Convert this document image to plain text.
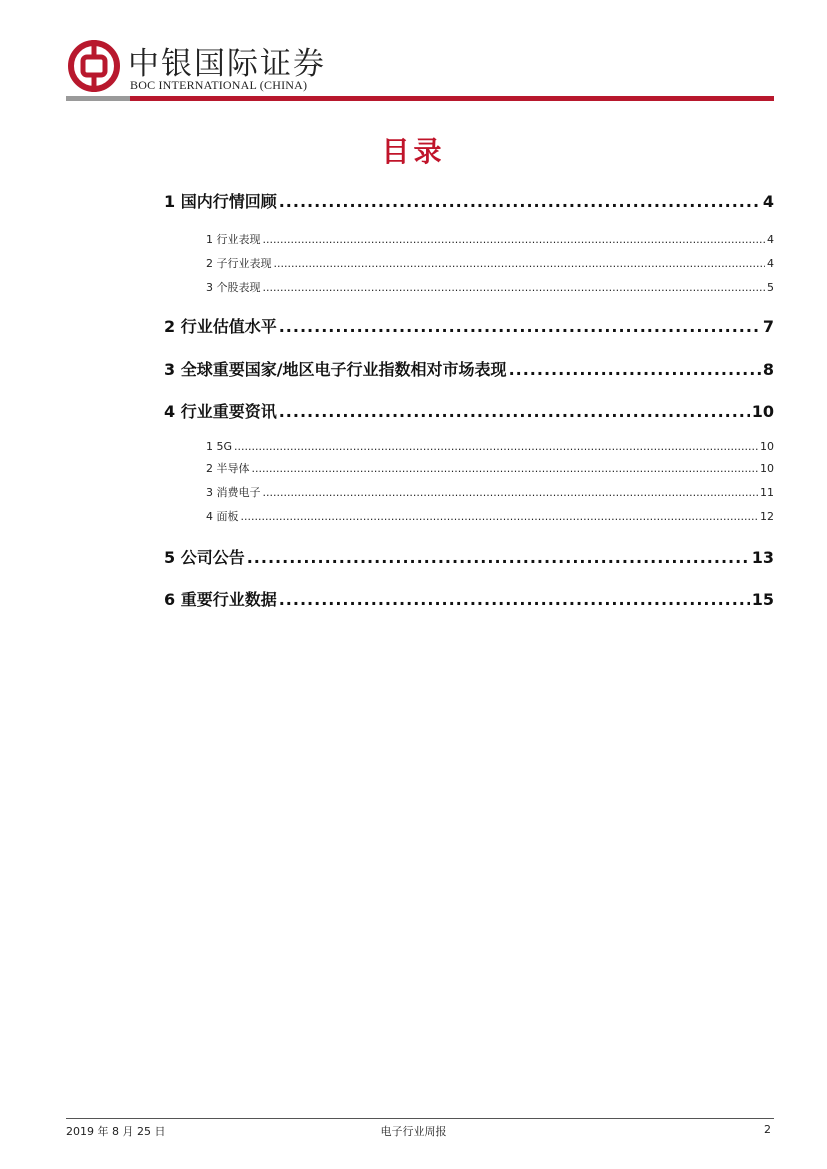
中银国际证券
BOC INTERNATIONAL (CHINA)
目录
1 国内行情回顾 .....	4
1 行业表现 .....	4
2 子行业表现 .....	4
3 个股表现 .....	5
2 行业估值水平 .....	7
3 全球重要国家/地区电子行业指数相对市场表现 .....	8
4 行业重要资讯 .....	10
1 5G .....	10
2 半导体 .....	10
3 消费电子 .....	11
4 面板 .....	12
5 公司公告 .....	13
6 重要行业数据 .....	15
2019 年 8 月 25 日	电子行业周报	2
